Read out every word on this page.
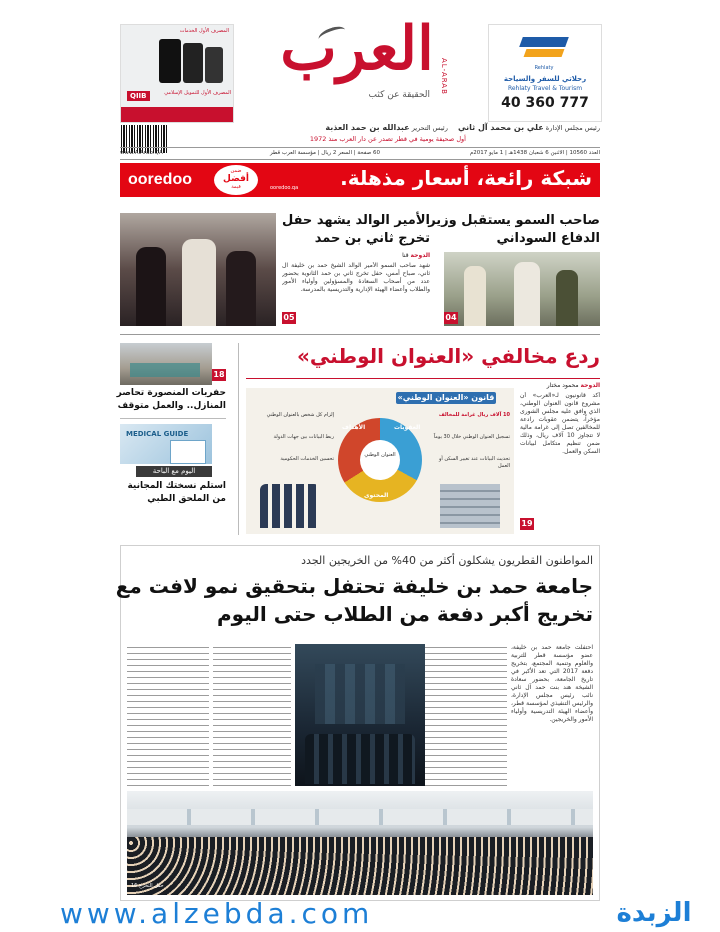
المصرف الأول الخدمات
QIIB	المصرف الأول للتمويل الإسلامي
العرب AL-ARAB
الحقيقة عن كثب
Rehlaty
رحلاتي للسفر والسياحة
Rehlaty Travel & Tourism
40 360 777
رئيس مجلس الإدارة علي بن محمد آل ثاني  رئيس التحرير عبدالله بن حمد العذبة
أول صحيفة يومية في قطر تصدر عن دار العرب منذ 1972
العدد 10560 | الاثنين 6 شعبان 1438هـ | 1 مايو 2017م
60 صفحة | السعر 2 ريال | مؤسسة العرب قطر
www.AlArab.QA
ooredoo	ضمن
أفضل
قيمة	ooredoo.qa شبكة رائعة، أسعار مذهلة.
صاحب السمو يستقبل وزير
الدفاع السوداني
04
الأمير الوالد يشهد حفل
تخرج ثاني بن حمد
الدوحة قنا
شهد صاحب السمو الأمير الوالد الشيخ حمد بن خليفة آل ثاني، صباح أمس، حفل تخرج ثاني بن حمد الثانوية بحضور عدد من أصحاب السعادة والمسؤولين وأولياء الأمور والطلاب وأعضاء الهيئة الإدارية والتدريسية بالمدرسة.
05
ردع مخالفي «العنوان الوطني»
الدوحة محمود مختار
أكد قانونيون لـ«العرب» أن مشروع قانون العنوان الوطني، الذي وافق عليه مجلس الشورى مؤخراً، يتضمن عقوبات رادعة للمخالفين تصل إلى غرامة مالية لا تتجاوز 10 آلاف ريال، وذلك ضمن تنظيم متكامل لبيانات السكن والعمل.
19
قانون «العنوان الوطني»
العنوان الوطني
الأهداف
المحتوى
العقوبات
10 آلاف ريال غرامة للمخالف
تسجيل العنوان الوطني خلال 30 يوماً
تحديث البيانات عند تغيير السكن أو العمل
إلزام كل شخص بالعنوان الوطني
ربط البيانات بين جهات الدولة
تحسين الخدمات الحكومية
18
حفريات المنصورة تحاصر
المنازل.. والعمل متوقف
MEDICAL GUIDE
اليوم مع الباحة
استلم نسختك المجانية
من الملحق الطبي
المواطنون القطريون يشكلون أكثر من 40% من الخريجين الجدد
جامعة حمد بن خليفة تحتفل بتحقيق نمو لافت مع
تخريج أكبر دفعة من الطلاب حتى اليوم
احتفلت جامعة حمد بن خليفة، عضو مؤسسة قطر للتربية والعلوم وتنمية المجتمع، بتخريج دفعة 2017 التي تعد الأكبر في تاريخ الجامعة، بحضور سعادة الشيخة هند بنت حمد آل ثاني نائب رئيس مجلس الإدارة، والرئيس التنفيذي لمؤسسة قطر، وأعضاء الهيئة التدريسية وأولياء الأمور والخريجين.
حفل التخرج 16
www.alzebda.com	الزبدة
